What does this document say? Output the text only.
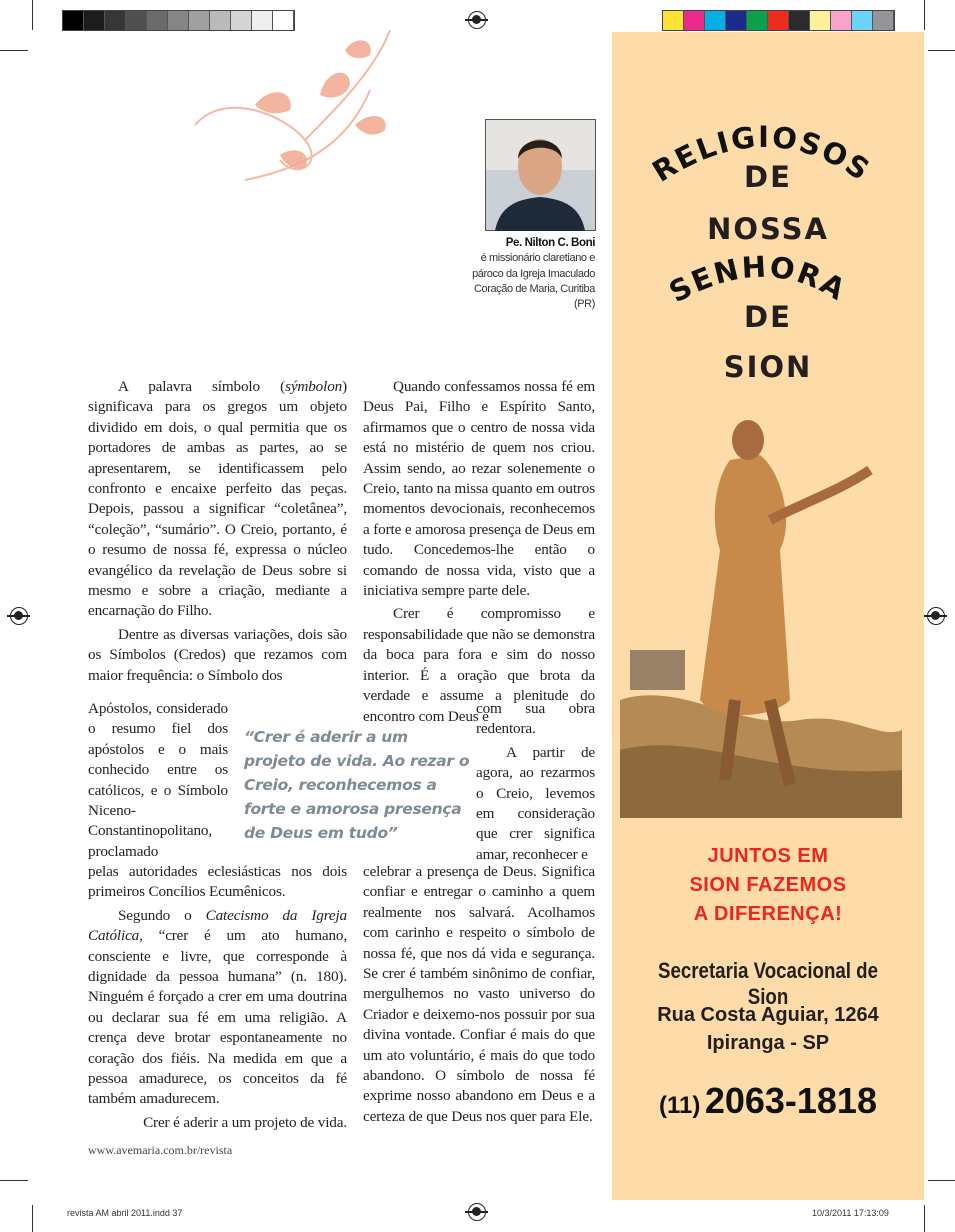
Pe. Nilton C. Boni
é missionário claretiano e pároco da Igreja Imaculado Coração de Maria, Curitiba (PR)

A palavra símbolo (sýmbolon) significava para os gregos um objeto dividido em dois, o qual permitia que os portadores de ambas as partes, ao se apresentarem, se identificassem pelo confronto e encaixe perfeito das peças. Depois, passou a significar “coletânea”, “coleção”, “sumário”. O Creio, portanto, é o resumo de nossa fé, expressa o núcleo evangélico da revelação de Deus sobre si mesmo e sobre a criação, mediante a encarnação do Filho.

Dentre as diversas variações, dois são os Símbolos (Credos) que rezamos com maior frequência: o Símbolo dos

Apóstolos, considerado o resumo fiel dos apóstolos e o mais conhecido entre os católicos, e o Símbolo Niceno-Constantinopolitano, proclamado

pelas autoridades eclesiásticas nos dois primeiros Concílios Ecumênicos.

Segundo o Catecismo da Igreja Católica, “crer é um ato humano, consciente e livre, que corresponde à dignidade da pessoa humana” (n. 180). Ninguém é forçado a crer em uma doutrina ou declarar sua fé em uma religião. A crença deve brotar espontaneamente no coração dos fiéis. Na medida em que a pessoa amadurece, os conceitos da fé também amadurecem.

Crer é aderir a um projeto de vida.

“Crer é aderir a um projeto de vida. Ao rezar o Creio, reconhecemos a forte e amorosa presença de Deus em tudo”

Quando confessamos nossa fé em Deus Pai, Filho e Espírito Santo, afirmamos que o centro de nossa vida está no mistério de quem nos criou. Assim sendo, ao rezar solenemente o Creio, tanto na missa quanto em outros momentos devocionais, reconhecemos a forte e amorosa presença de Deus em tudo. Concedemos-lhe então o comando de nossa vida, visto que a iniciativa sempre parte dele.

Crer é compromisso e responsabilidade que não se demonstra da boca para fora e sim do nosso interior. É a oração que brota da verdade e assume a plenitude do encontro com Deus e

com sua obra redentora.

A partir de agora, ao rezarmos o Creio, levemos em consideração que crer significa amar, reconhecer e

celebrar a presença de Deus. Significa confiar e entregar o caminho a quem realmente nos salvará. Acolhamos com carinho e respeito o símbolo de nossa fé, que nos dá vida e segurança. Se crer é também sinônimo de confiar, mergulhemos no vasto universo do Criador e deixemo-nos possuir por sua divina vontade. Confiar é mais do que um ato voluntário, é mais do que todo abandono. O símbolo de nossa fé exprime nosso abandono em Deus e a certeza de que Deus nos quer para Ele.

www.avemaria.com.br/revista
RELIGIOSOS
SENHORA
DE
NOSSA
DE
SION
JUNTOS EM
SION FAZEMOS
A DIFERENÇA!
Secretaria Vocacional de Sion
Rua Costa Aguiar, 1264
Ipiranga - SP
(11) 2063-1818
revista AM abril 2011.indd 37	10/3/2011 17:13:09
